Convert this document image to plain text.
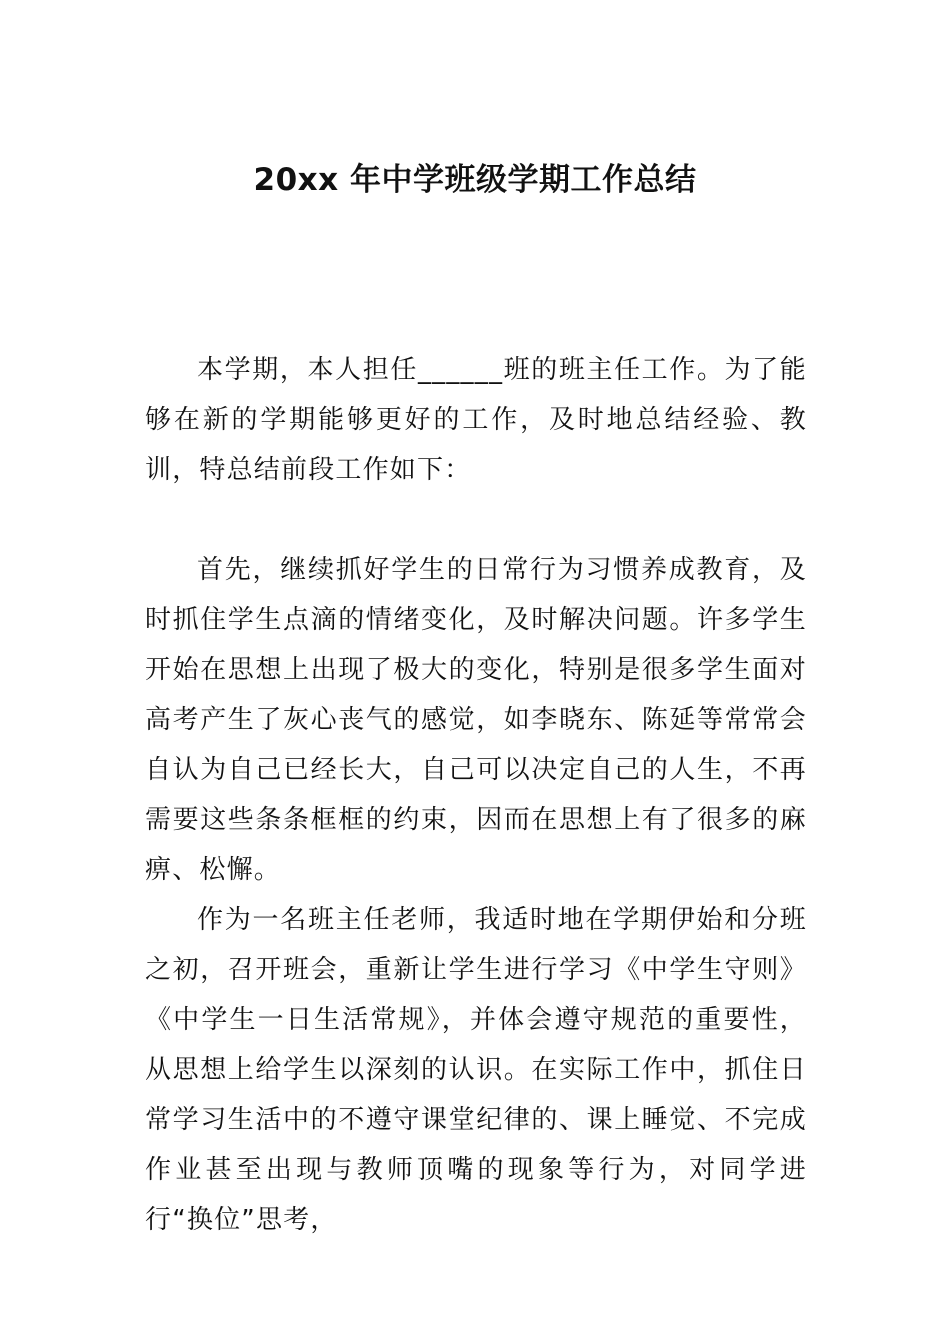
20xx 年中学班级学期工作总结

本学期，本人担任______班的班主任工作。为了能够在新的学期能够更好的工作，及时地总结经验、教训，特总结前段工作如下：

首先，继续抓好学生的日常行为习惯养成教育，及时抓住学生点滴的情绪变化，及时解决问题。许多学生开始在思想上出现了极大的变化，特别是很多学生面对高考产生了灰心丧气的感觉，如李晓东、陈延等常常会自认为自己已经长大，自己可以决定自己的人生，不再需要这些条条框框的约束，因而在思想上有了很多的麻痹、松懈。

作为一名班主任老师，我适时地在学期伊始和分班之初，召开班会，重新让学生进行学习《中学生守则》《中学生一日生活常规》，并体会遵守规范的重要性，从思想上给学生以深刻的认识。在实际工作中，抓住日常学习生活中的不遵守课堂纪律的、课上睡觉、不完成作业甚至出现与教师顶嘴的现象等行为，对同学进行“换位”思考，
